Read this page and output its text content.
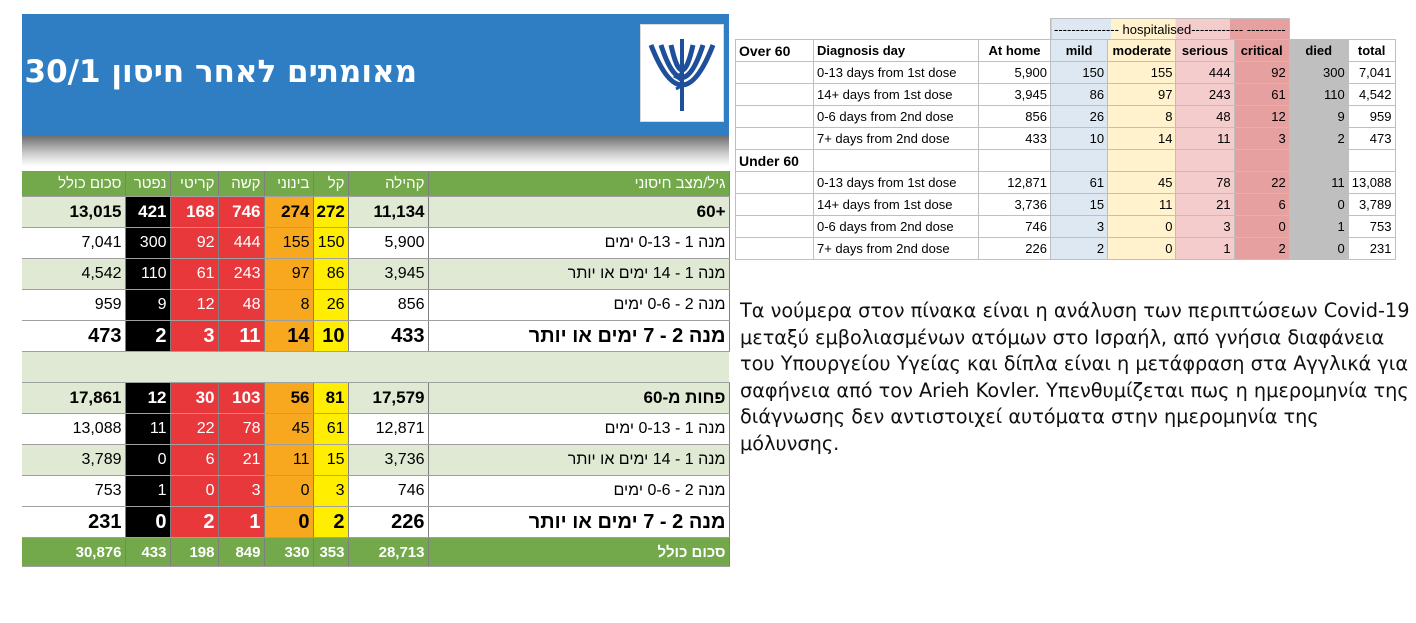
מאומתים לאחר חיסון 30/1
סכום כולל	נפטר	קריטי	קשה	בינוני	קל	קהילה	גיל/מצב חיסוני
13,015	421	168	746	274	272	11,134	+60
7,041	300	92	444	155	150	5,900	מנה 1 - 0-13 ימים
4,542	110	61	243	97	86	3,945	מנה 1 - 14 ימים או יותר
959	9	12	48	8	26	856	מנה 2 - 0-6 ימים
473	2	3	11	14	10	433	מנה 2 - 7 ימים או יותר

17,861	12	30	103	56	81	17,579	פחות מ-60
13,088	11	22	78	45	61	12,871	מנה 1 - 0-13 ימים
3,789	0	6	21	11	15	3,736	מנה 1 - 14 ימים או יותר
753	1	0	3	0	3	746	מנה 2 - 0-6 ימים
231	0	2	1	0	2	226	מנה 2 - 7 ימים או יותר
30,876	433	198	849	330	353	28,713	סכום כולל
			--------------- hospitalised------------ ---------					
Over 60	Diagnosis day	At home	mild	moderate	serious	critical	died	total
	0-13 days from 1st dose	5,900	150	155	444	92	300	7,041
	14+ days from 1st dose	3,945	86	97	243	61	110	4,542
	0-6 days from 2nd dose	856	26	8	48	12	9	959
	7+ days from 2nd dose	433	10	14	11	3	2	473
Under 60								
	0-13 days from 1st dose	12,871	61	45	78	22	11	13,088
	14+ days from 1st dose	3,736	15	11	21	6	0	3,789
	0-6 days from 2nd dose	746	3	0	3	0	1	753
	7+ days from 2nd dose	226	2	0	1	2	0	231
Τα νούμερα στον πίνακα είναι η ανάλυση των περιπτώσεων Covid-19 μεταξύ εμβολιασμένων ατόμων στο Ισραήλ, από γνήσια διαφάνεια του Υπουργείου Υγείας και δίπλα είναι η μετάφραση στα Αγγλικά για σαφήνεια από τον Arieh Kovler. Υπενθυμίζεται πως η ημερομηνία της διάγνωσης δεν αντιστοιχεί αυτόματα στην ημερομηνία της μόλυνσης.
